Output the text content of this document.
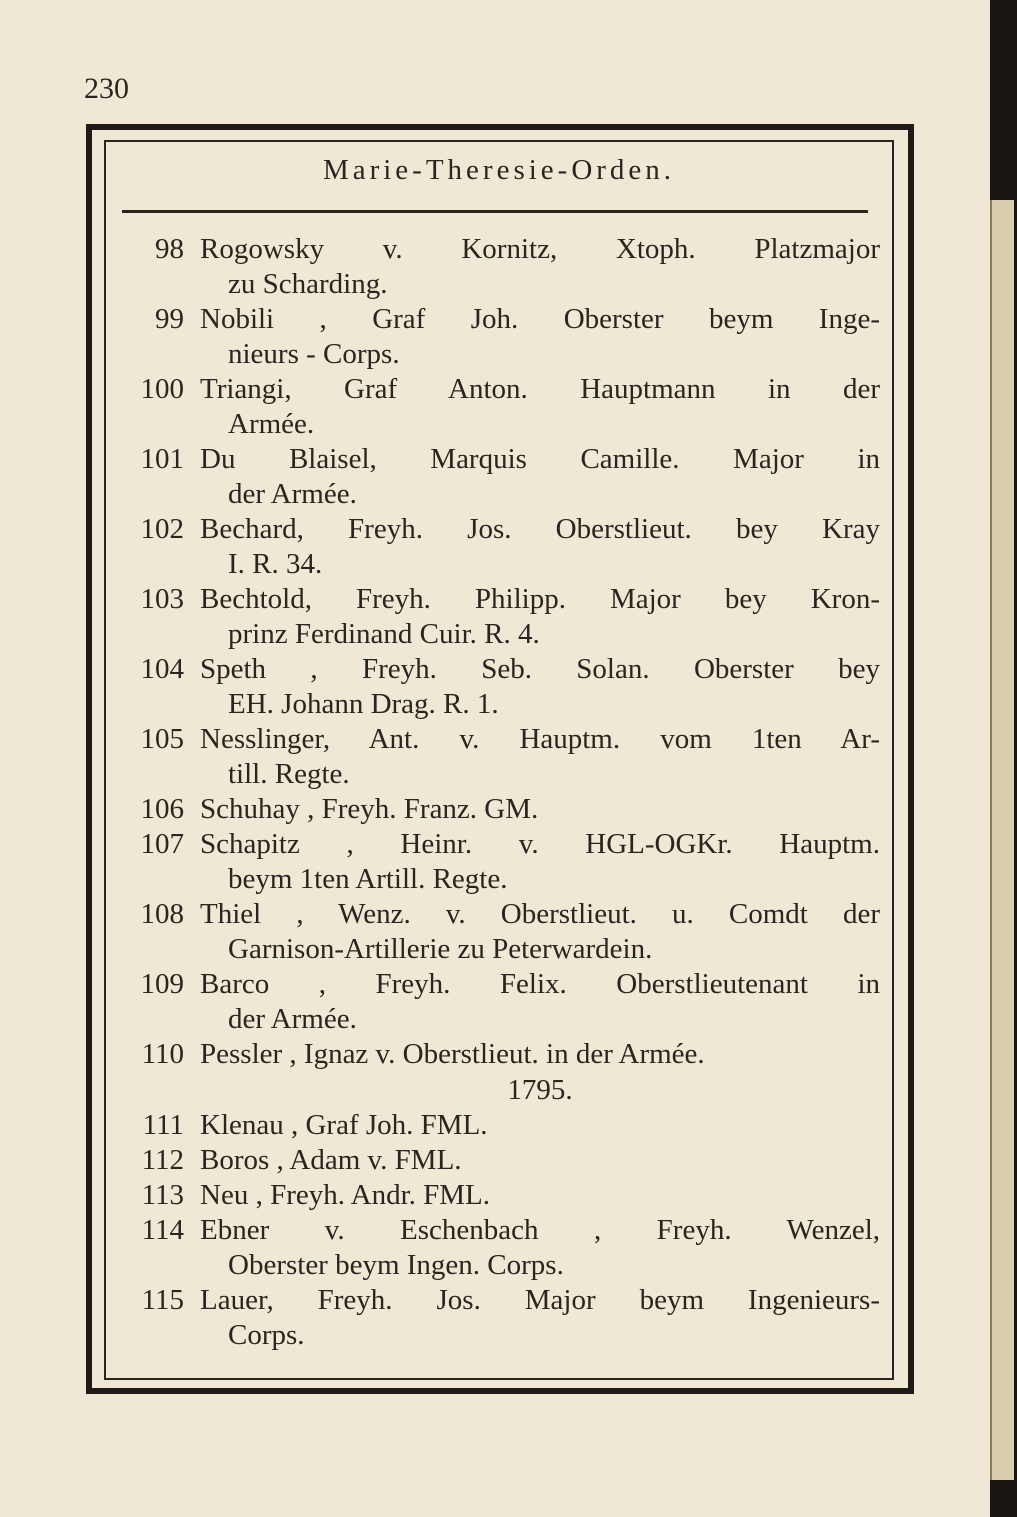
230
Marie-Theresie-Orden.
98 Rogowsky v. Kornitz, Xtoph. Platzmajor
zu Scharding.
99 Nobili , Graf Joh. Oberster beym Inge-
nieurs - Corps.
100 Triangi, Graf Anton. Hauptmann in der
Armée.
101 Du Blaisel, Marquis Camille. Major in
der Armée.
102 Bechard, Freyh. Jos. Oberstlieut. bey Kray
I. R. 34.
103 Bechtold, Freyh. Philipp. Major bey Kron-
prinz Ferdinand Cuir. R. 4.
104 Speth , Freyh. Seb. Solan. Oberster bey
EH. Johann Drag. R. 1.
105 Nesslinger, Ant. v. Hauptm. vom 1ten Ar-
till. Regte.
106 Schuhay , Freyh. Franz. GM.
107 Schapitz , Heinr. v. HGL-OGKr. Hauptm.
beym 1ten Artill. Regte.
108 Thiel , Wenz. v. Oberstlieut. u. Comdt der
Garnison-Artillerie zu Peterwardein.
109 Barco , Freyh. Felix. Oberstlieutenant in
der Armée.
110 Pessler , Ignaz v. Oberstlieut. in der Armée.
1795.
111 Klenau , Graf Joh. FML.
112 Boros , Adam v. FML.
113 Neu , Freyh. Andr. FML.
114 Ebner v. Eschenbach , Freyh. Wenzel,
Oberster beym Ingen. Corps.
115 Lauer, Freyh. Jos. Major beym Ingenieurs-
Corps.
